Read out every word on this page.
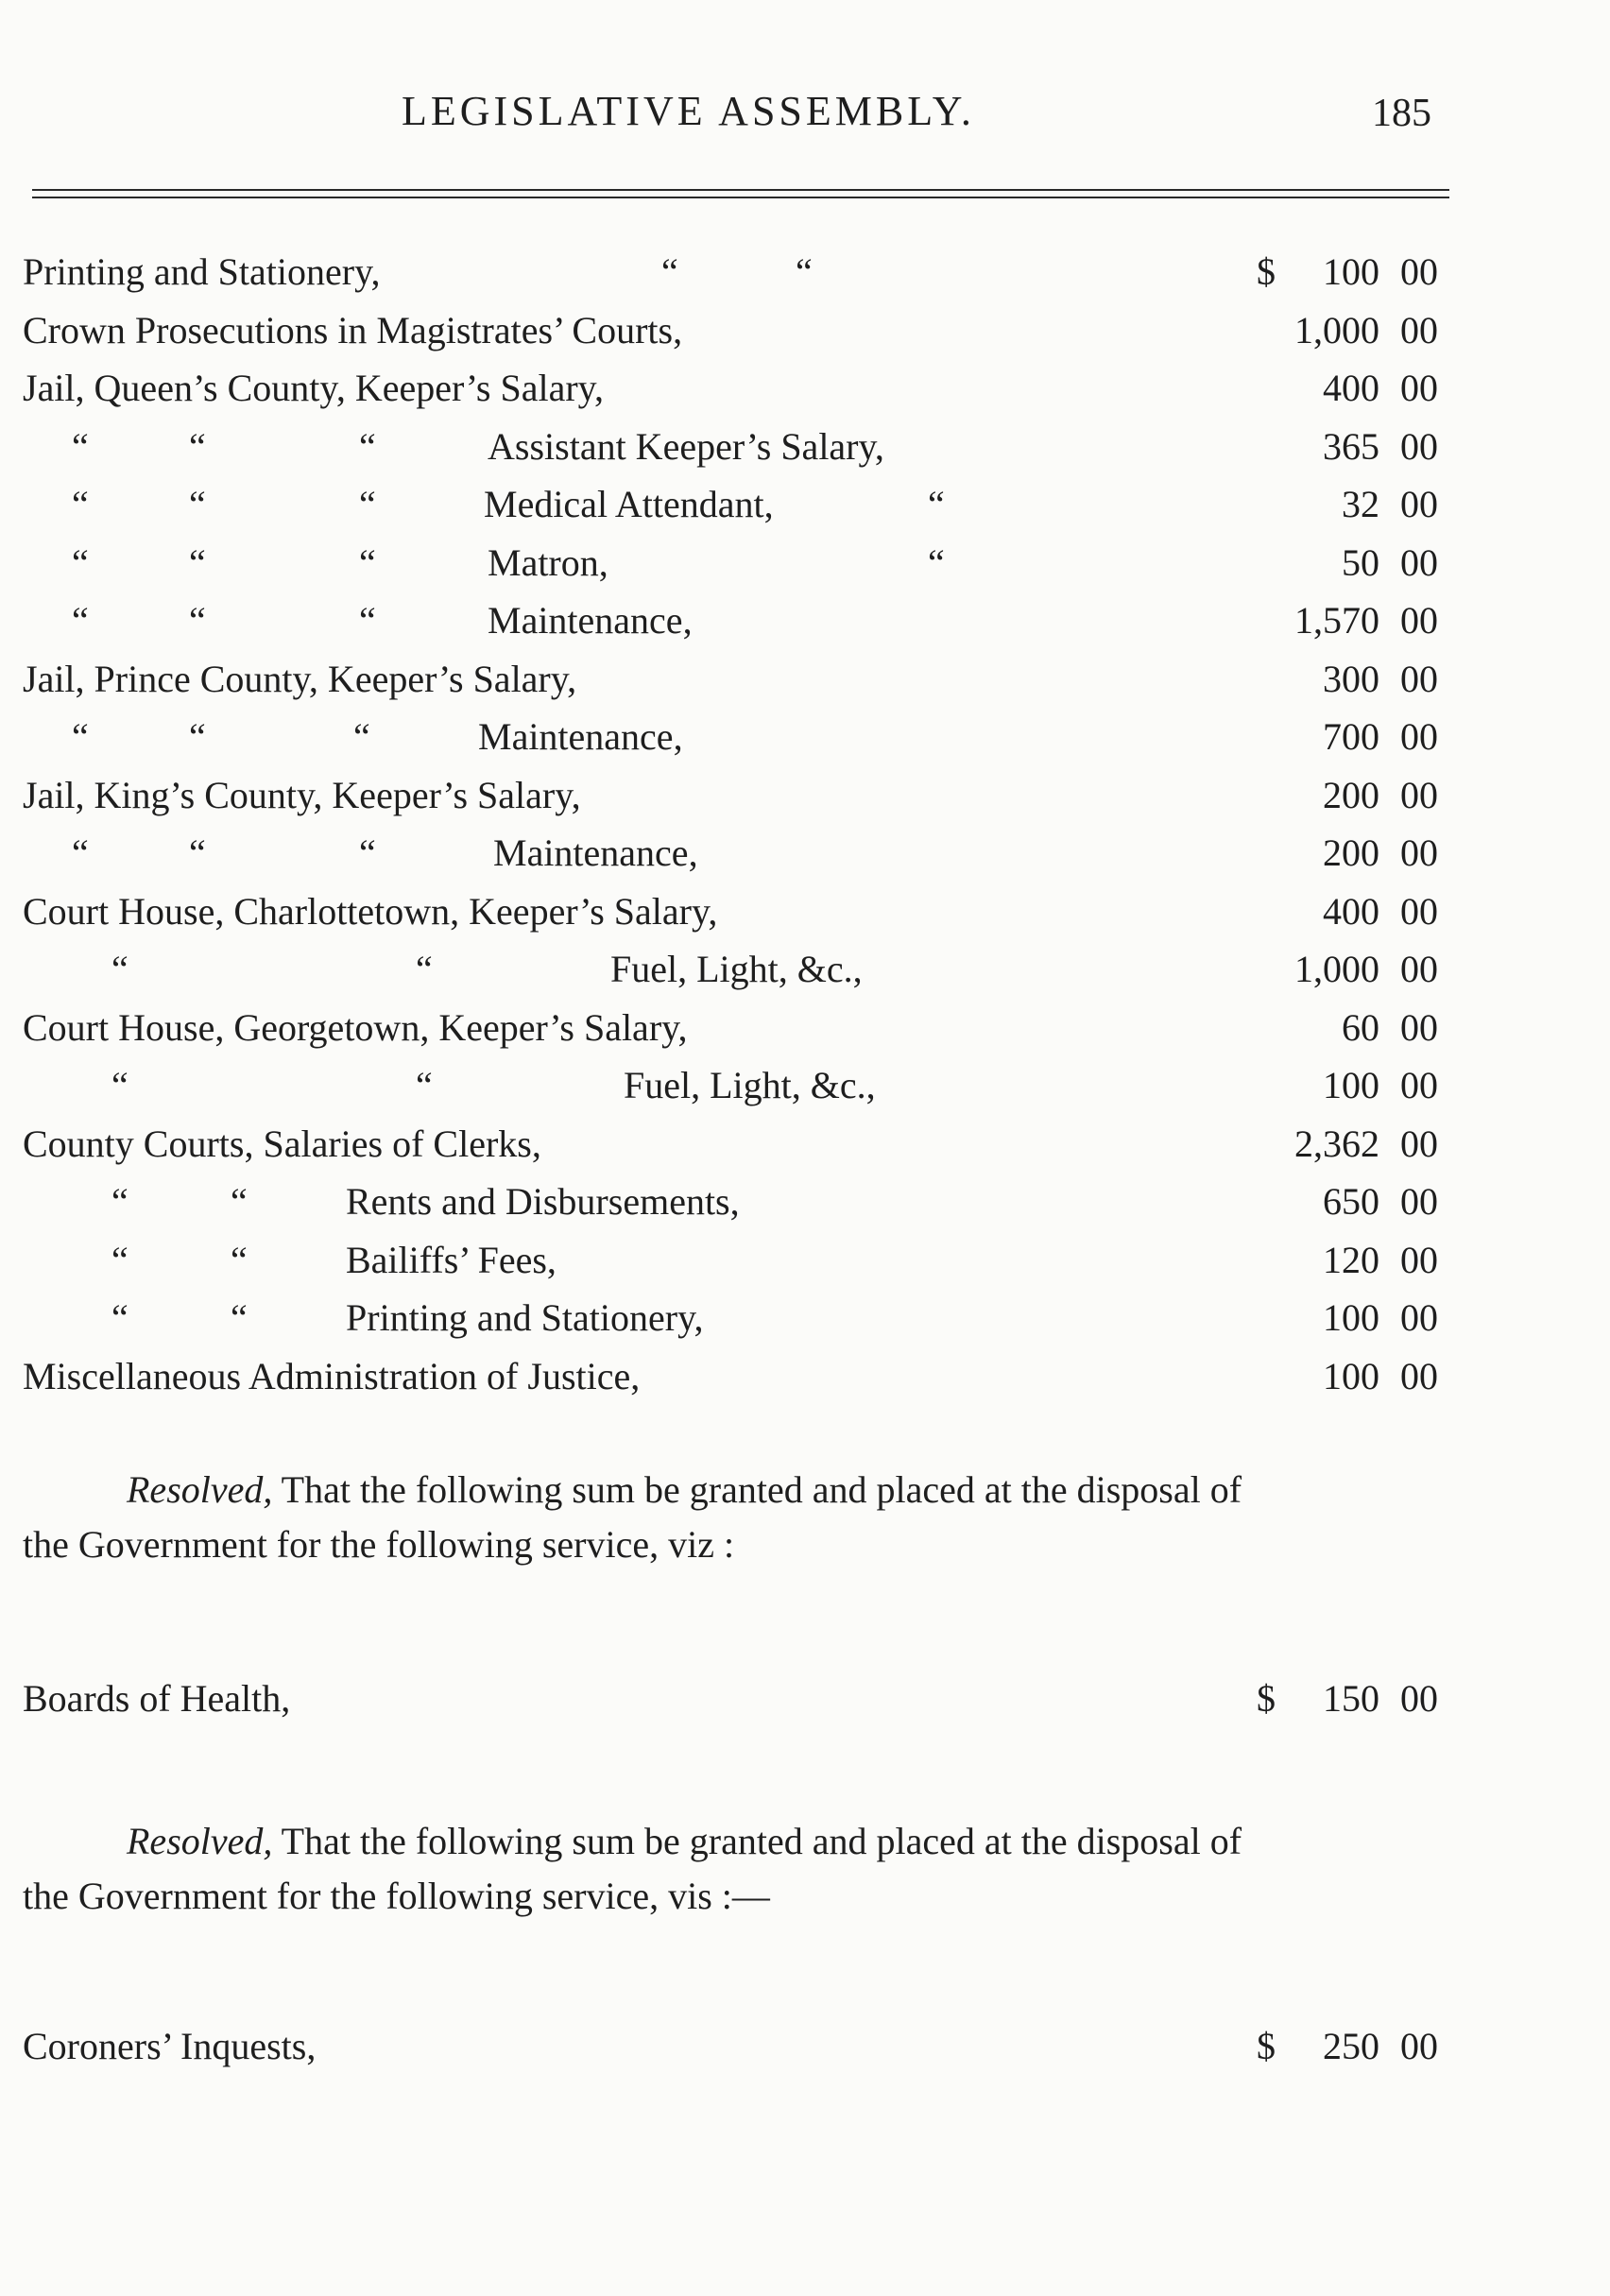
LEGISLATIVE ASSEMBLY.	185
Printing and Stationery,	“	“	$	100 00
Crown Prosecutions in Magistrates’ Courts,	1,000 00
Jail, Queen’s County, Keeper’s Salary,	400 00
“	“	“	Assistant Keeper’s Salary,	365 00
“	“	“	Medical Attendant,	“	32 00
“	“	“	Matron,	“	50 00
“	“	“	Maintenance,	1,570 00
Jail, Prince County, Keeper’s Salary,	300 00
“	“	“	Maintenance,	700 00
Jail, King’s County, Keeper’s Salary,	200 00
“	“	“	Maintenance,	200 00
Court House, Charlottetown, Keeper’s Salary,	400 00
“	“	Fuel, Light, &c.,	1,000 00
Court House, Georgetown, Keeper’s Salary,	60 00
“	“	Fuel, Light, &c.,	100 00
County Courts, Salaries of Clerks,	2,362 00
“	“	Rents and Disbursements,	650 00
“	“	Bailiffs’ Fees,	120 00
“	“	Printing and Stationery,	100 00
Miscellaneous Administration of Justice,	100 00
Resolved, That the following sum be granted and placed at the disposal of the Government for the following service, viz :
Boards of Health,	$	150 00
Resolved, That the following sum be granted and placed at the disposal of the Government for the following service, vis :—
Coroners’ Inquests,	$	250 00
